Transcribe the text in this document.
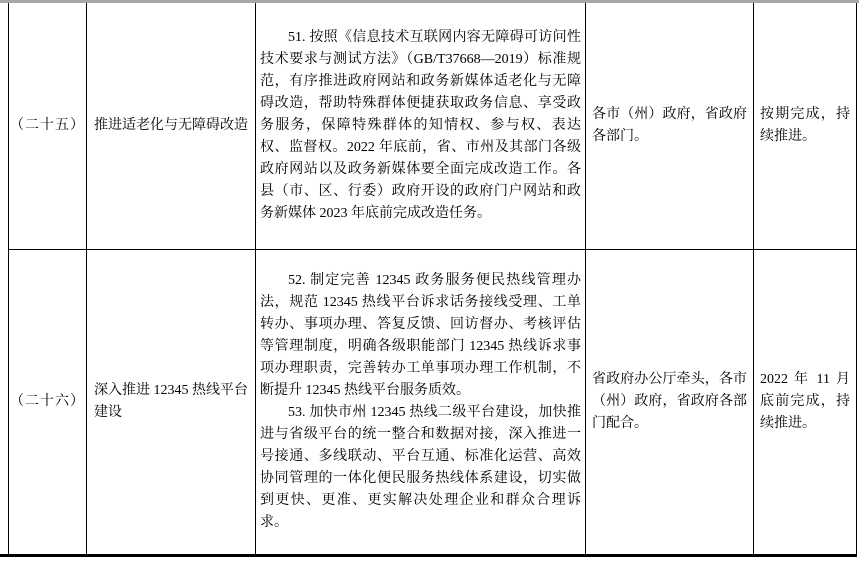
（二十五） 推进适老化与无障碍改造

51. 按照《信息技术互联网内容无障碍可访问性技术要求与测试方法》（GB/T37668—2019）标准规范，有序推进政府网站和政务新媒体适老化与无障碍改造，帮助特殊群体便捷获取政务信息、享受政务服务，保障特殊群体的知情权、参与权、表达权、监督权。2022 年底前，省、市州及其部门各级政府网站以及政务新媒体要全面完成改造工作。各县（市、区、行委）政府开设的政府门户网站和政务新媒体 2023 年底前完成改造任务。

各市（州）政府，省政府各部门。
按期完成，持续推进。
（二十六）
深入推进 12345 热线平台建设

52. 制定完善 12345 政务服务便民热线管理办法，规范 12345 热线平台诉求话务接线受理、工单转办、事项办理、答复反馈、回访督办、考核评估等管理制度，明确各级职能部门 12345 热线诉求事项办理职责，完善转办工单事项办理工作机制，不断提升 12345 热线平台服务质效。

53. 加快市州 12345 热线二级平台建设，加快推进与省级平台的统一整合和数据对接，深入推进一号接通、多线联动、平台互通、标准化运营、高效协同管理的一体化便民服务热线体系建设，切实做到更快、更准、更实解决处理企业和群众合理诉求。

省政府办公厅牵头，各市（州）政府，省政府各部门配合。
2022 年 11 月底前完成，持续推进。
